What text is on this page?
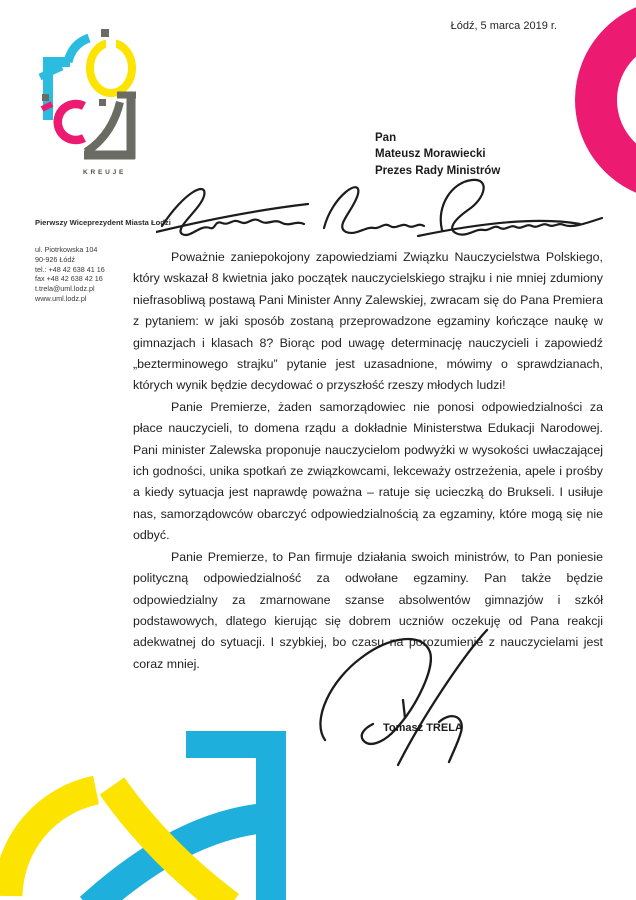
Łódź, 5 marca 2019 r.
KREUJE
Pierwszy Wiceprezydent Miasta Łodzi
ul. Piotrkowska 104
90-926 Łódź
tel.: +48 42 638 41 16
fax +48 42 638 42 16
t.trela@uml.lodz.pl
www.uml.lodz.pl
Pan
Mateusz Morawiecki
Prezes Rady Ministrów

Poważnie zaniepokojony zapowiedziami Związku Nauczycielstwa Polskiego, który wskazał 8 kwietnia jako początek nauczycielskiego strajku i nie mniej zdumiony niefrasobliwą postawą Pani Minister Anny Zalewskiej, zwracam się do Pana Premiera z pytaniem: w jaki sposób zostaną przeprowadzone egzaminy kończące naukę w gimnazjach i klasach 8? Biorąc pod uwagę determinację nauczycieli i zapowiedź „bezterminowego strajku” pytanie jest uzasadnione, mówimy o sprawdzianach, których wynik będzie decydować o przyszłość rzeszy młodych ludzi!

Panie Premierze, żaden samorządowiec nie ponosi odpowiedzialności za płace nauczycieli, to domena rządu a dokładnie Ministerstwa Edukacji Narodowej. Pani minister Zalewska proponuje nauczycielom podwyżki w wysokości uwłaczającej ich godności, unika spotkań ze związkowcami, lekceważy ostrzeżenia, apele i prośby a kiedy sytuacja jest naprawdę poważna – ratuje się ucieczką do Brukseli. I usiłuje nas, samorządowców obarczyć odpowiedzialnością za egzaminy, które mogą się nie odbyć.

Panie Premierze, to Pan firmuje działania swoich ministrów, to Pan poniesie polityczną odpowiedzialność za odwołane egzaminy. Pan także będzie odpowiedzialny za zmarnowane szanse absolwentów gimnazjów i szkół podstawowych, dlatego kierując się dobrem uczniów oczekuję od Pana reakcji adekwatnej do sytuacji. I szybkiej, bo czasu na porozumienie z nauczycielami jest coraz mniej.

Tomasz TRELA
